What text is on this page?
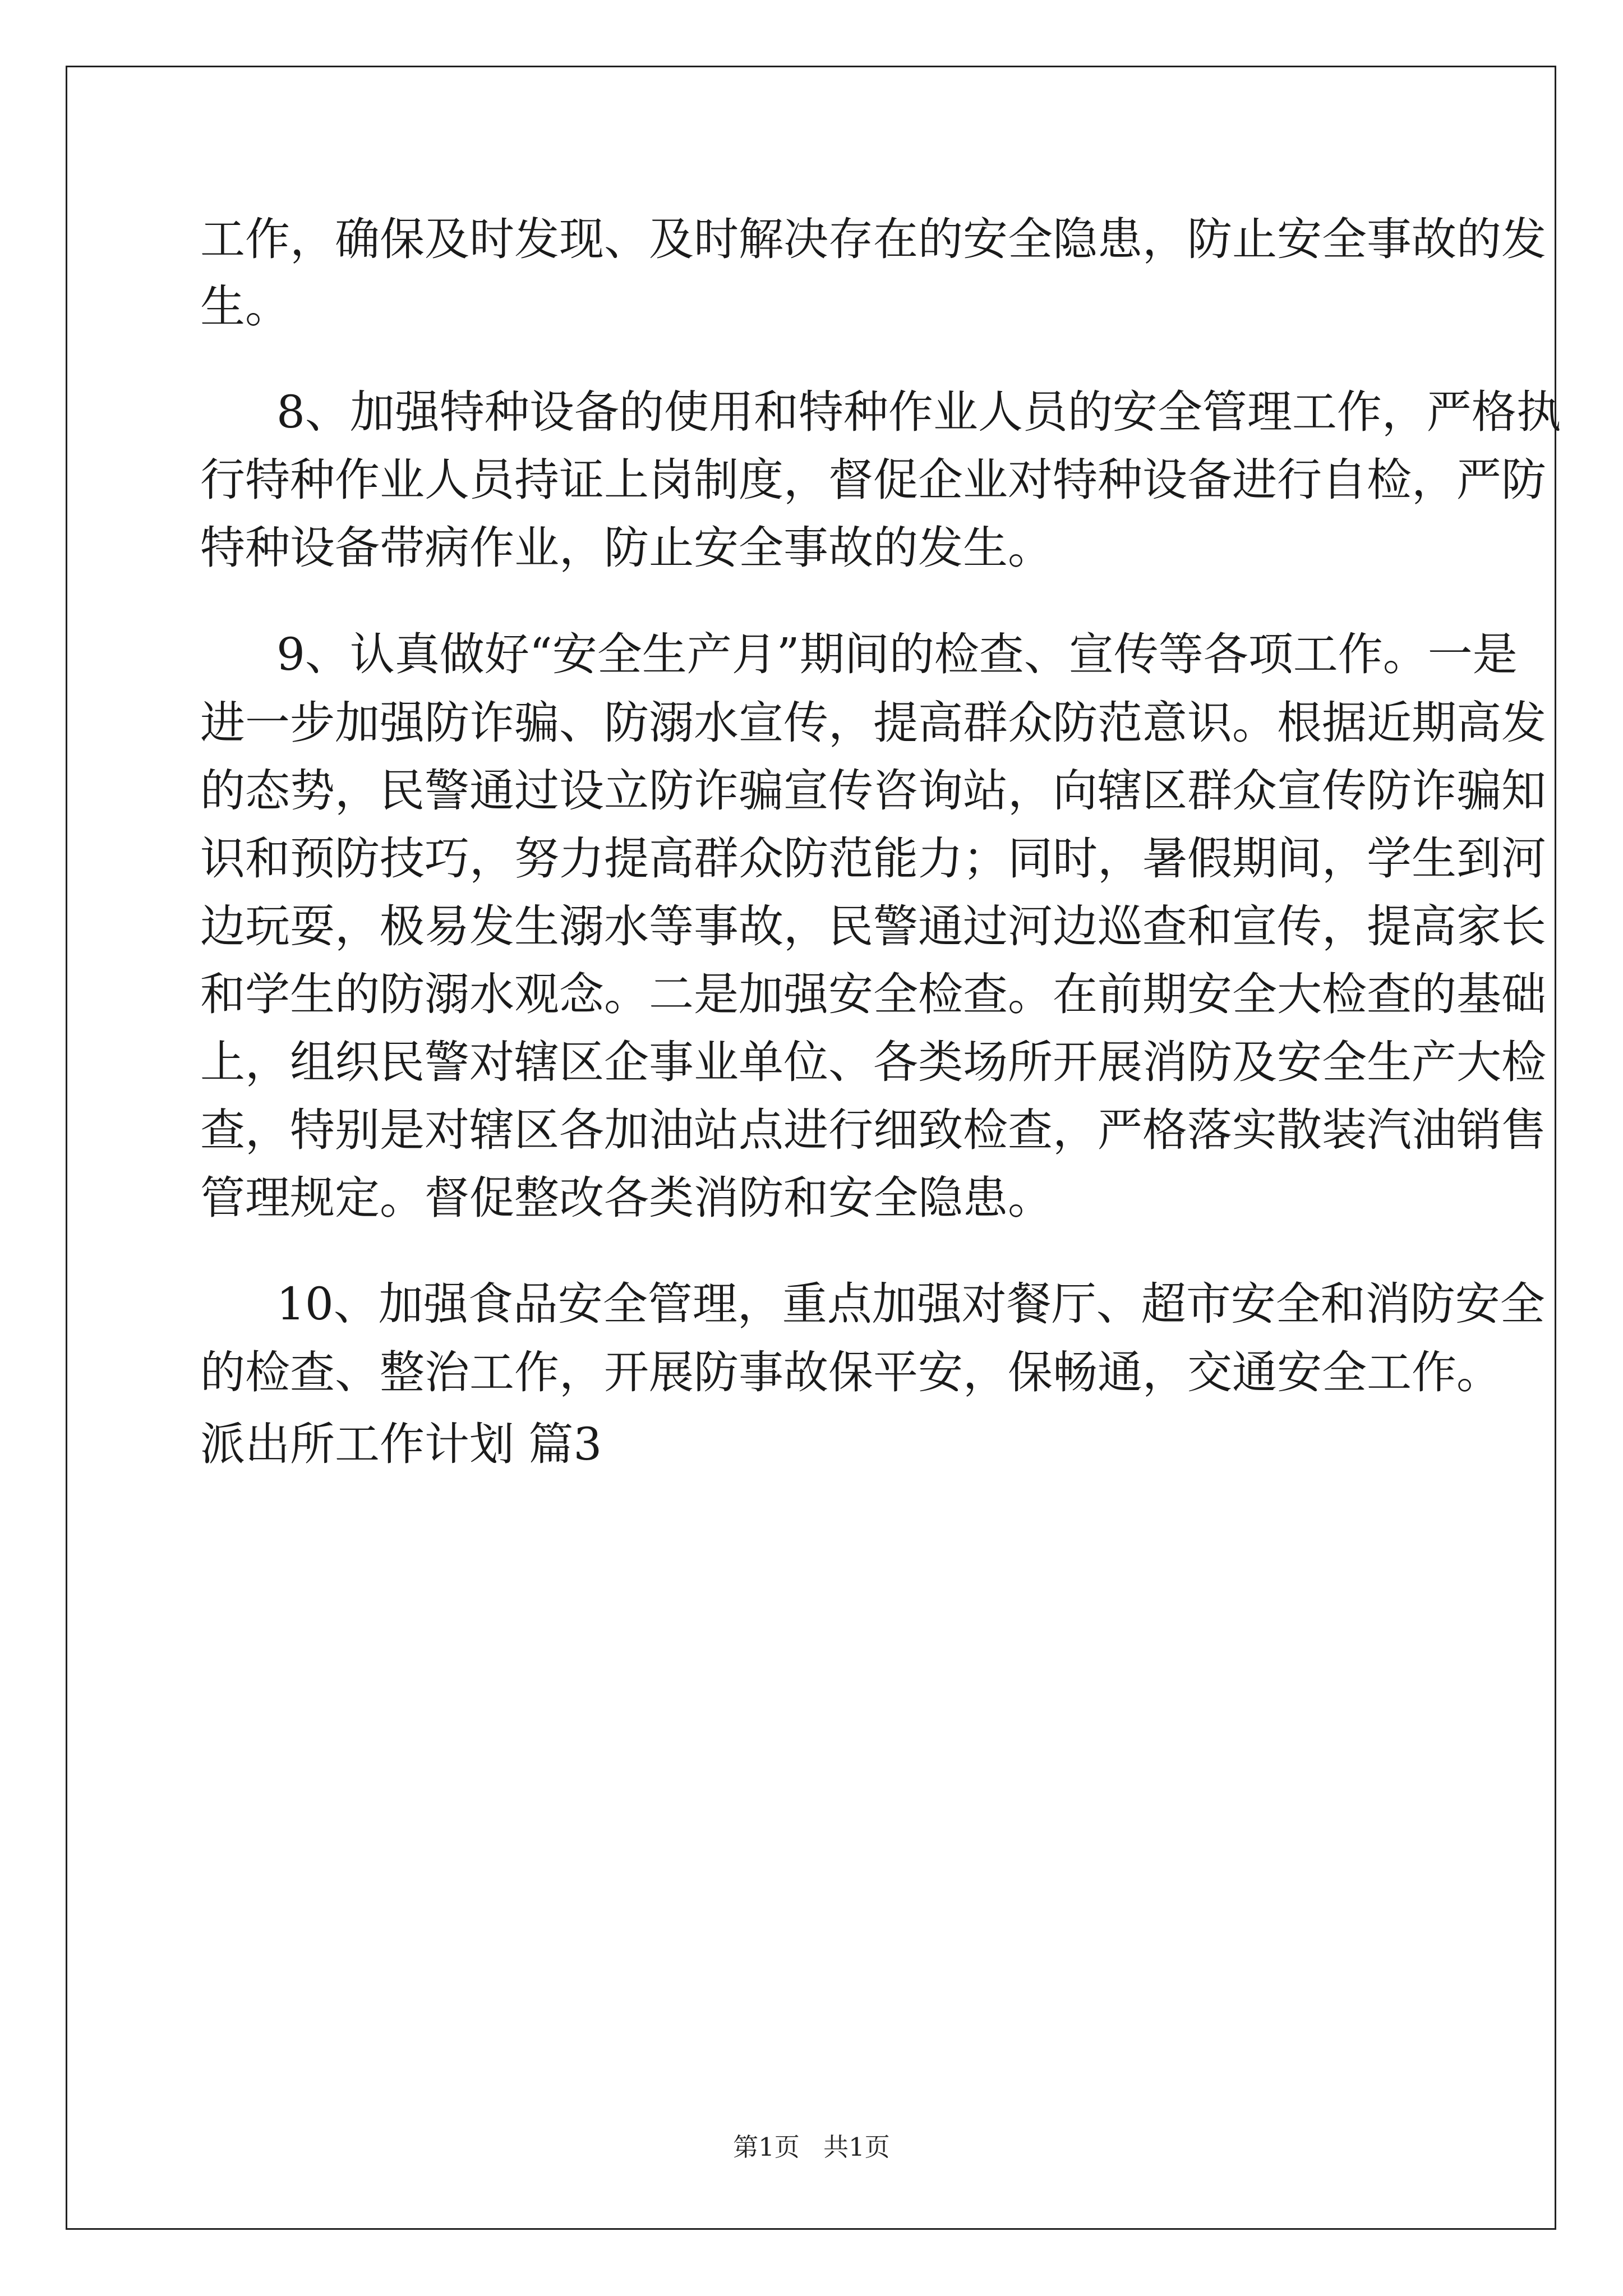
工作，确保及时发现、及时解决存在的安全隐患，防止安全事故的发
生。
8、加强特种设备的使用和特种作业人员的安全管理工作，严格执
行特种作业人员持证上岗制度，督促企业对特种设备进行自检，严防
特种设备带病作业，防止安全事故的发生。
9、认真做好“安全生产月”期间的检查、宣传等各项工作。一是
进一步加强防诈骗、防溺水宣传，提高群众防范意识。根据近期高发
的态势，民警通过设立防诈骗宣传咨询站，向辖区群众宣传防诈骗知
识和预防技巧，努力提高群众防范能力；同时，暑假期间，学生到河
边玩耍，极易发生溺水等事故，民警通过河边巡查和宣传，提高家长
和学生的防溺水观念。二是加强安全检查。在前期安全大检查的基础
上，组织民警对辖区企事业单位、各类场所开展消防及安全生产大检
查，特别是对辖区各加油站点进行细致检查，严格落实散装汽油销售
管理规定。督促整改各类消防和安全隐患。
10、加强食品安全管理，重点加强对餐厅、超市安全和消防安全
的检查、整治工作，开展防事故保平安，保畅通，交通安全工作。
派出所工作计划 篇3
第1页 共1页
